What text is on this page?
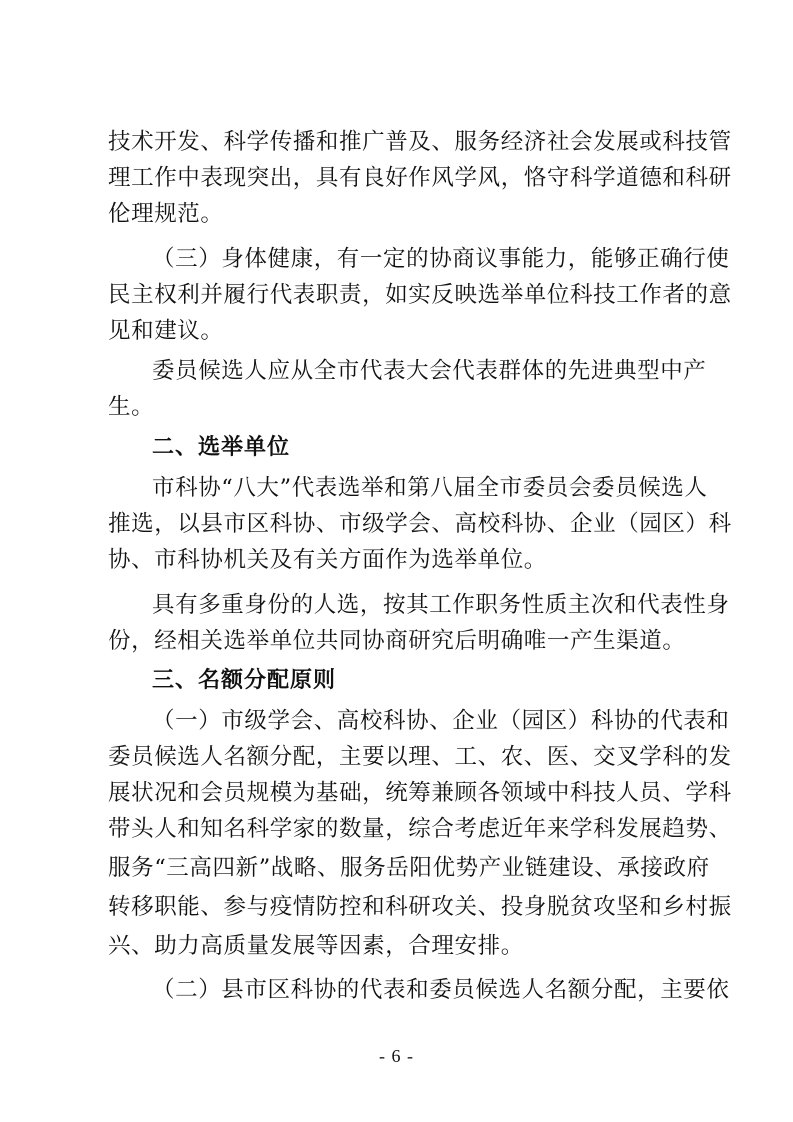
技术开发、科学传播和推广普及、服务经济社会发展或科技管
理工作中表现突出，具有良好作风学风，恪守科学道德和科研
伦理规范。
（三）身体健康，有一定的协商议事能力，能够正确行使
民主权利并履行代表职责，如实反映选举单位科技工作者的意
见和建议。
委员候选人应从全市代表大会代表群体的先进典型中产
生。
二、选举单位
市科协“八大”代表选举和第八届全市委员会委员候选人
推选，以县市区科协、市级学会、高校科协、企业（园区）科
协、市科协机关及有关方面作为选举单位。
具有多重身份的人选，按其工作职务性质主次和代表性身
份，经相关选举单位共同协商研究后明确唯一产生渠道。
三、名额分配原则
（一）市级学会、高校科协、企业（园区）科协的代表和
委员候选人名额分配，主要以理、工、农、医、交叉学科的发
展状况和会员规模为基础，统筹兼顾各领域中科技人员、学科
带头人和知名科学家的数量，综合考虑近年来学科发展趋势、
服务“三高四新”战略、服务岳阳优势产业链建设、承接政府
转移职能、参与疫情防控和科研攻关、投身脱贫攻坚和乡村振
兴、助力高质量发展等因素，合理安排。
（二）县市区科协的代表和委员候选人名额分配，主要依
- 6 -
